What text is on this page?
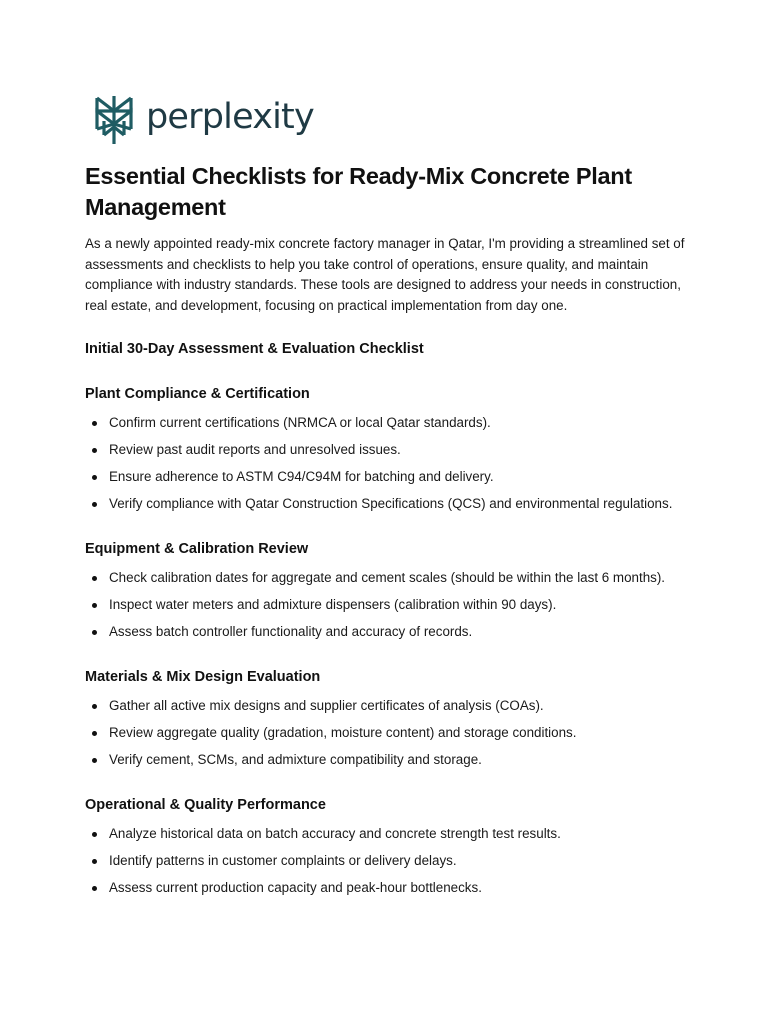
perplexity
Essential Checklists for Ready-Mix Concrete Plant Management

As a newly appointed ready-mix concrete factory manager in Qatar, I'm providing a streamlined set of assessments and checklists to help you take control of operations, ensure quality, and maintain compliance with industry standards. These tools are designed to address your needs in construction, real estate, and development, focusing on practical implementation from day one.

Initial 30-Day Assessment & Evaluation Checklist
Plant Compliance & Certification
Confirm current certifications (NRMCA or local Qatar standards).
Review past audit reports and unresolved issues.
Ensure adherence to ASTM C94/C94M for batching and delivery.
Verify compliance with Qatar Construction Specifications (QCS) and environmental regulations.
Equipment & Calibration Review
Check calibration dates for aggregate and cement scales (should be within the last 6 months).
Inspect water meters and admixture dispensers (calibration within 90 days).
Assess batch controller functionality and accuracy of records.
Materials & Mix Design Evaluation
Gather all active mix designs and supplier certificates of analysis (COAs).
Review aggregate quality (gradation, moisture content) and storage conditions.
Verify cement, SCMs, and admixture compatibility and storage.
Operational & Quality Performance
Analyze historical data on batch accuracy and concrete strength test results.
Identify patterns in customer complaints or delivery delays.
Assess current production capacity and peak-hour bottlenecks.
